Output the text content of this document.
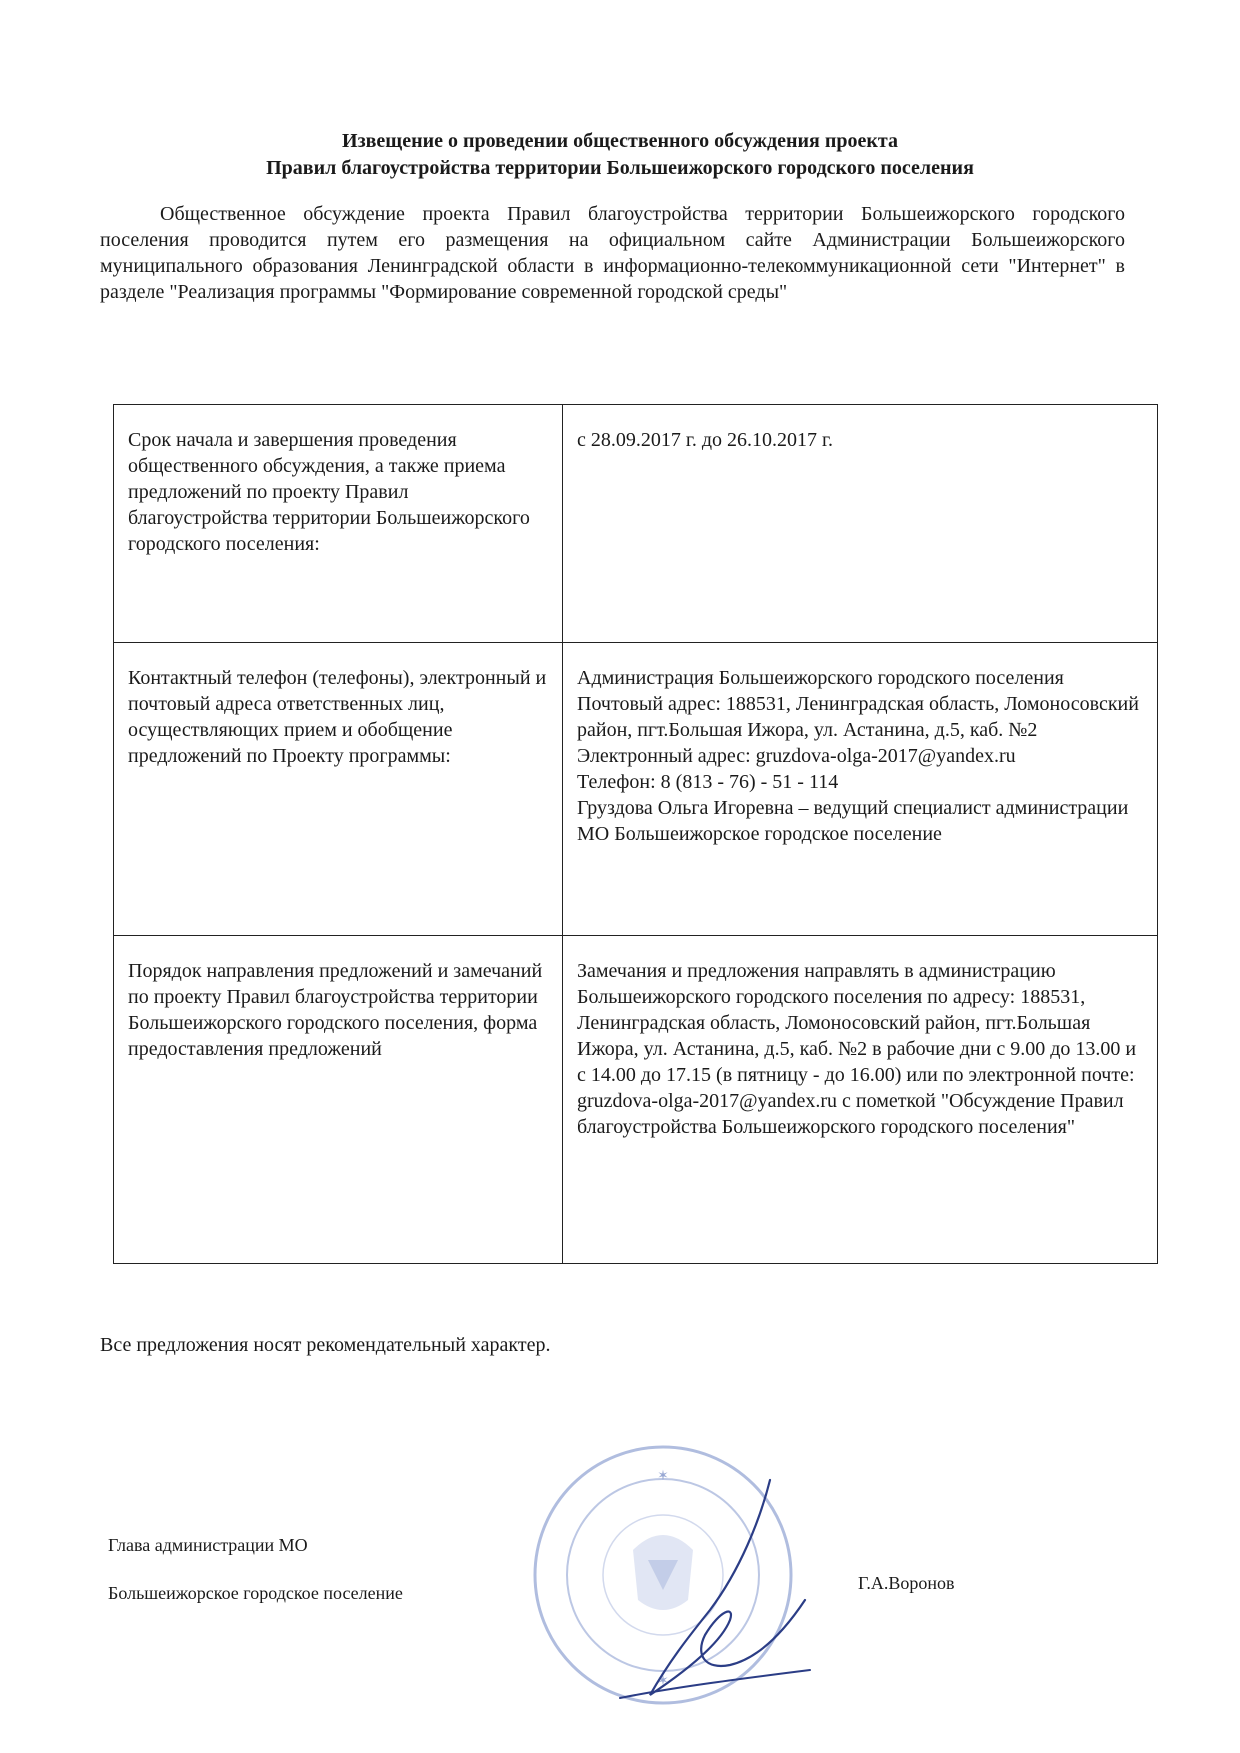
Извещение о проведении общественного обсуждения проекта
Правил благоустройства территории Большеижорского городского поселения
Общественное обсуждение проекта Правил благоустройства территории Большеижорского городского поселения проводится путем его размещения на официальном сайте Администрации Большеижорского муниципального образования Ленинградской области в информационно-телекоммуникационной сети "Интернет" в разделе "Реализация программы "Формирование современной городской среды"
Срок начала и завершения проведения общественного обсуждения, а также приема предложений по проекту Правил благоустройства территории Большеижорского городского поселения:	с 28.09.2017 г. до 26.10.2017 г.
Контактный телефон (телефоны), электронный и почтовый адреса ответственных лиц, осуществляющих прием и обобщение предложений по Проекту программы:	Администрация Большеижорского городского поселения
Почтовый адрес: 188531, Ленинградская область, Ломоносовский район, пгт.Большая Ижора, ул. Астанина, д.5, каб. №2
Электронный адрес: gruzdova-olga-2017@yandex.ru
Телефон: 8 (813 - 76) - 51 - 114
Груздова Ольга Игоревна – ведущий специалист администрации МО Большеижорское городское поселение
Порядок направления предложений и замечаний по проекту Правил благоустройства территории Большеижорского городского поселения, форма предоставления предложений	Замечания и предложения направлять в администрацию Большеижорского городского поселения по адресу: 188531, Ленинградская область, Ломоносовский район, пгт.Большая Ижора, ул. Астанина, д.5, каб. №2 в рабочие дни с 9.00 до 13.00 и с 14.00 до 17.15 (в пятницу - до 16.00) или по электронной почте: gruzdova-olga-2017@yandex.ru с пометкой "Обсуждение Правил благоустройства Большеижорского городского поселения"
Все предложения носят рекомендательный характер.
Глава администрации МО
Большеижорское городское поселение	Г.А.Воронов
✶
✶
